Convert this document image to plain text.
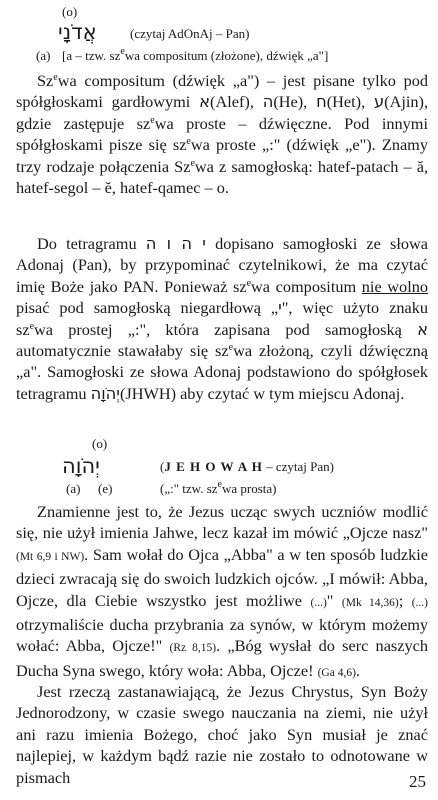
(o)
אֲדֹנָי	(czytaj AdOnAj – Pan)
(a) [a – tzw. $sz^ewa$ compositum (złożone), dźwięk „a"]

Sz$^e$wa compositum (dźwięk „a") – jest pisane tylko pod spółgłoskami gardłowymi א(Alef), ה(He), ח(Het), ע(Ajin), gdzie zastępuje $sz^ewa$ proste – dźwięczne. Pod innymi spółgłoskami pisze się $sz^ewa$ proste „:" (dźwięk „e"). Znamy trzy rodzaje połączenia Sz$^e$wa z samogłoską: hatef-patach – ă, hatef-segol – ĕ, hatef-qamec – o.

Do tetragramu י ה ו ה dopisano samogłoski ze słowa Adonaj (Pan), by przypominać czytelnikowi, że ma czytać imię Boże jako PAN. Ponieważ $sz^ewa$ compositum nie wolno pisać pod samogłoską niegardłową „י", więc użyto znaku $sz^ewa$ prostej „:", która zapisana pod samogłoską א automatycznie stawałaby się $sz^ewa$ złożoną, czyli dźwięczną „a". Samogłoski ze słowa Adonaj podstawiono do spółgłosek tetragramu יְהֹוָה(JHWH) aby czytać w tym miejscu Adonaj.

(o)
יְהֹוָה	(J E H O W A H – czytaj Pan)
(a) (e)	(„:" tzw. $sz^ewa$ prosta)

Znamienne jest to, że Jezus ucząc swych uczniów modlić się, nie użył imienia Jahwe, lecz kazał im mówić „Ojcze nasz" (Mt 6,9 i NW). Sam wołał do Ojca „Abba" a w ten sposób ludzkie dzieci zwracają się do swoich ludzkich ojców. „I mówił: Abba, Ojcze, dla Ciebie wszystko jest możliwe (...)" (Mk 14,36); (...) otrzymaliście ducha przybrania za synów, w którym możemy wołać: Abba, Ojcze!" (Rz 8,15). „Bóg wysłał do serc naszych Ducha Syna swego, który woła: Abba, Ojcze! (Ga 4,6).

Jest rzeczą zastanawiającą, że Jezus Chrystus, Syn Boży Jednorodzony, w czasie swego nauczania na ziemi, nie użył ani razu imienia Bożego, choć jako Syn musiał je znać najlepiej, w każdym bądź razie nie zostało to odnotowane w pismach	25
